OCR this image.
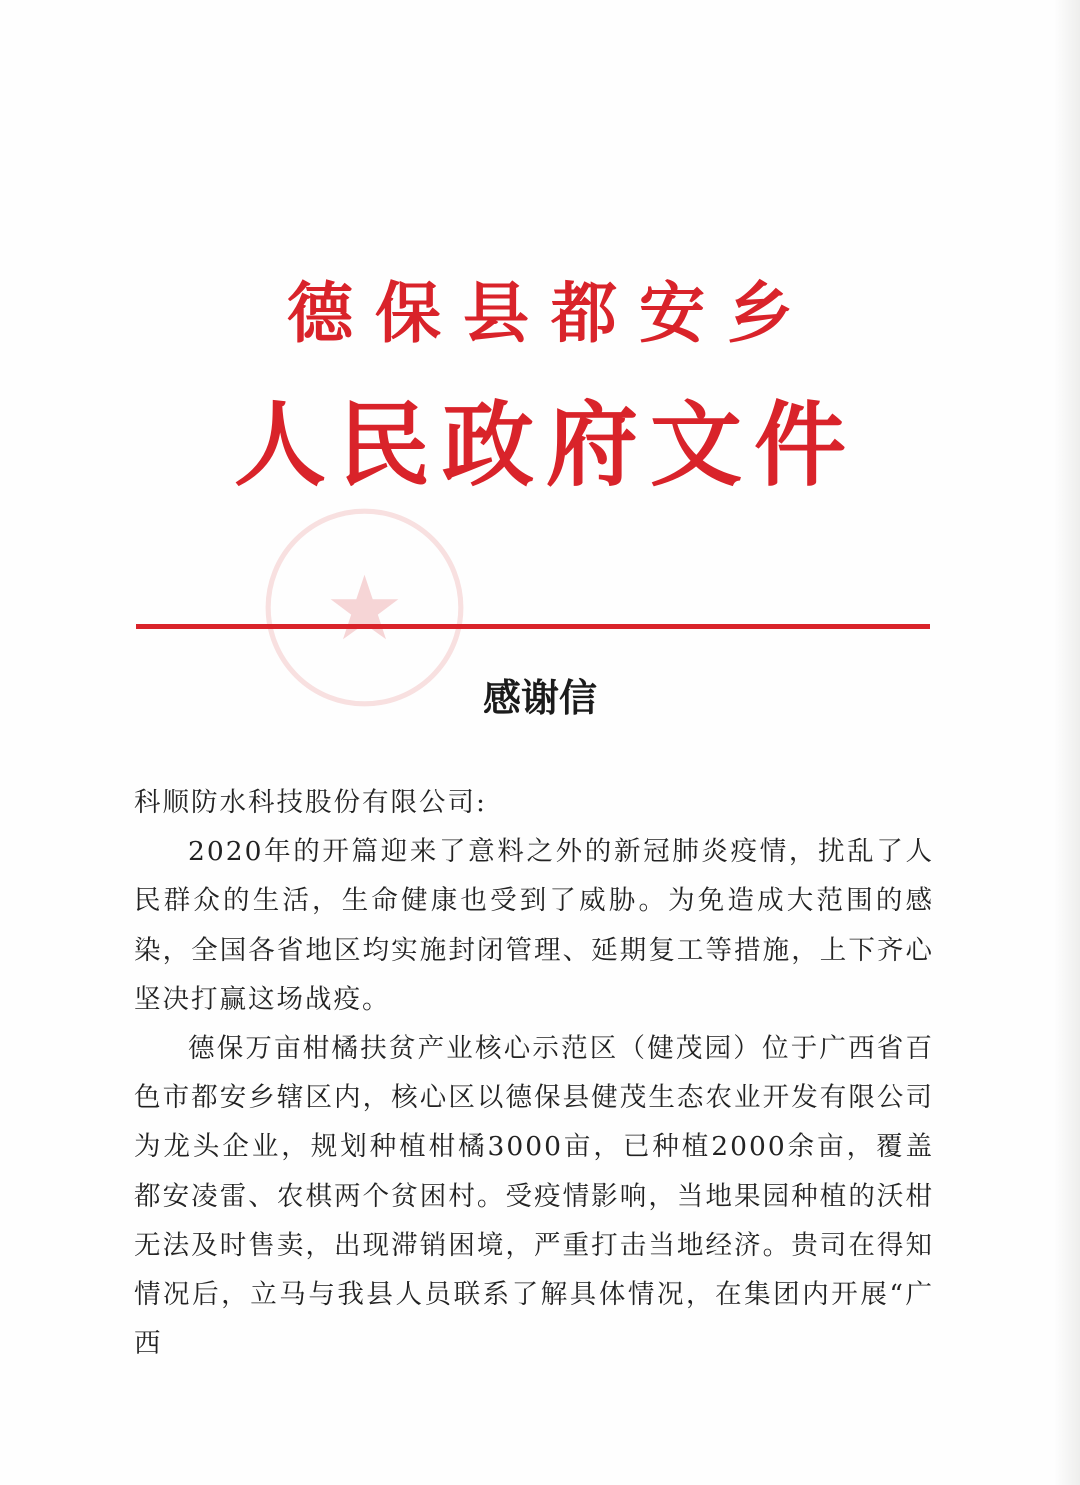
德保县都安乡
人民政府文件
感谢信

科顺防水科技股份有限公司:

2020年的开篇迎来了意料之外的新冠肺炎疫情，扰乱了人民群众的生活，生命健康也受到了威胁。为免造成大范围的感染，全国各省地区均实施封闭管理、延期复工等措施，上下齐心坚决打赢这场战疫。

德保万亩柑橘扶贫产业核心示范区（健茂园）位于广西省百色市都安乡辖区内，核心区以德保县健茂生态农业开发有限公司为龙头企业，规划种植柑橘3000亩，已种植2000余亩，覆盖都安凌雷、农棋两个贫困村。受疫情影响，当地果园种植的沃柑无法及时售卖，出现滞销困境，严重打击当地经济。贵司在得知情况后，立马与我县人员联系了解具体情况，在集团内开展“广西
